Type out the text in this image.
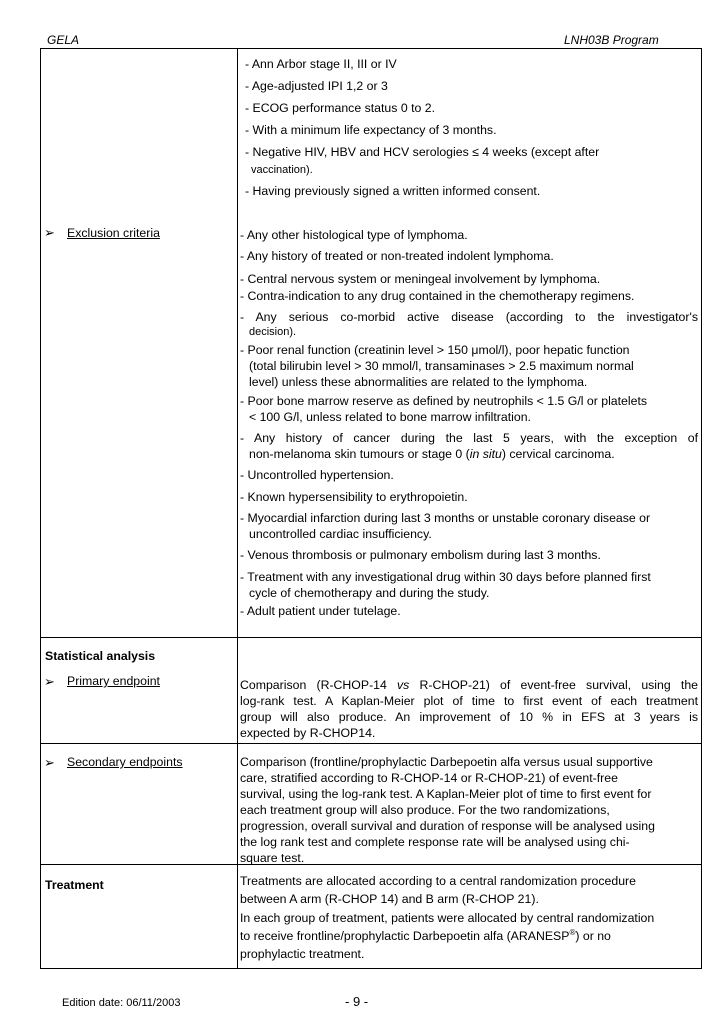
GELA	LNH03B Program
- Ann Arbor stage II, III or IV
- Age-adjusted IPI 1,2 or 3
- ECOG performance status 0 to 2.
- With a minimum life expectancy of 3 months.
- Negative HIV, HBV and HCV serologies ≤ 4 weeks (except after
vaccination).
- Having previously signed a written informed consent.
➢ Exclusion criteria	- Any other histological type of lymphoma.
- Any history of treated or non-treated indolent lymphoma.
- Central nervous system or meningeal involvement by lymphoma.
- Contra-indication to any drug contained in the chemotherapy regimens.
- Any serious co-morbid active disease (according to the investigator's
decision).
- Poor renal function (creatinin level > 150 μmol/l), poor hepatic function
(total bilirubin level > 30 mmol/l, transaminases > 2.5 maximum normal
level) unless these abnormalities are related to the lymphoma.
- Poor bone marrow reserve as defined by neutrophils < 1.5 G/l or platelets
< 100 G/l, unless related to bone marrow infiltration.
- Any history of cancer during the last 5 years, with the exception of
non-melanoma skin tumours or stage 0 (in situ) cervical carcinoma.
- Uncontrolled hypertension.
- Known hypersensibility to erythropoietin.
- Myocardial infarction during last 3 months or unstable coronary disease or
uncontrolled cardiac insufficiency.
- Venous thrombosis or pulmonary embolism during last 3 months.
- Treatment with any investigational drug within 30 days before planned first
cycle of chemotherapy and during the study.
- Adult patient under tutelage.
Statistical analysis
➢ Primary endpoint	Comparison (R-CHOP-14 vs R-CHOP-21) of event-free survival, using the
log-rank test. A Kaplan-Meier plot of time to first event of each treatment
group will also produce. An improvement of 10 % in EFS at 3 years is
expected by R-CHOP14.
➢ Secondary endpoints	Comparison (frontline/prophylactic Darbepoetin alfa versus usual supportive
care, stratified according to R-CHOP-14 or R-CHOP-21) of event-free
survival, using the log-rank test. A Kaplan-Meier plot of time to first event for
each treatment group will also produce. For the two randomizations,
progression, overall survival and duration of response will be analysed using
the log rank test and complete response rate will be analysed using chi-
square test.
Treatment	Treatments are allocated according to a central randomization procedure
between A arm (R-CHOP 14) and B arm (R-CHOP 21).
In each group of treatment, patients were allocated by central randomization
to receive frontline/prophylactic Darbepoetin alfa (ARANESP®) or no
prophylactic treatment.
Edition date: 06/11/2003	- 9 -
